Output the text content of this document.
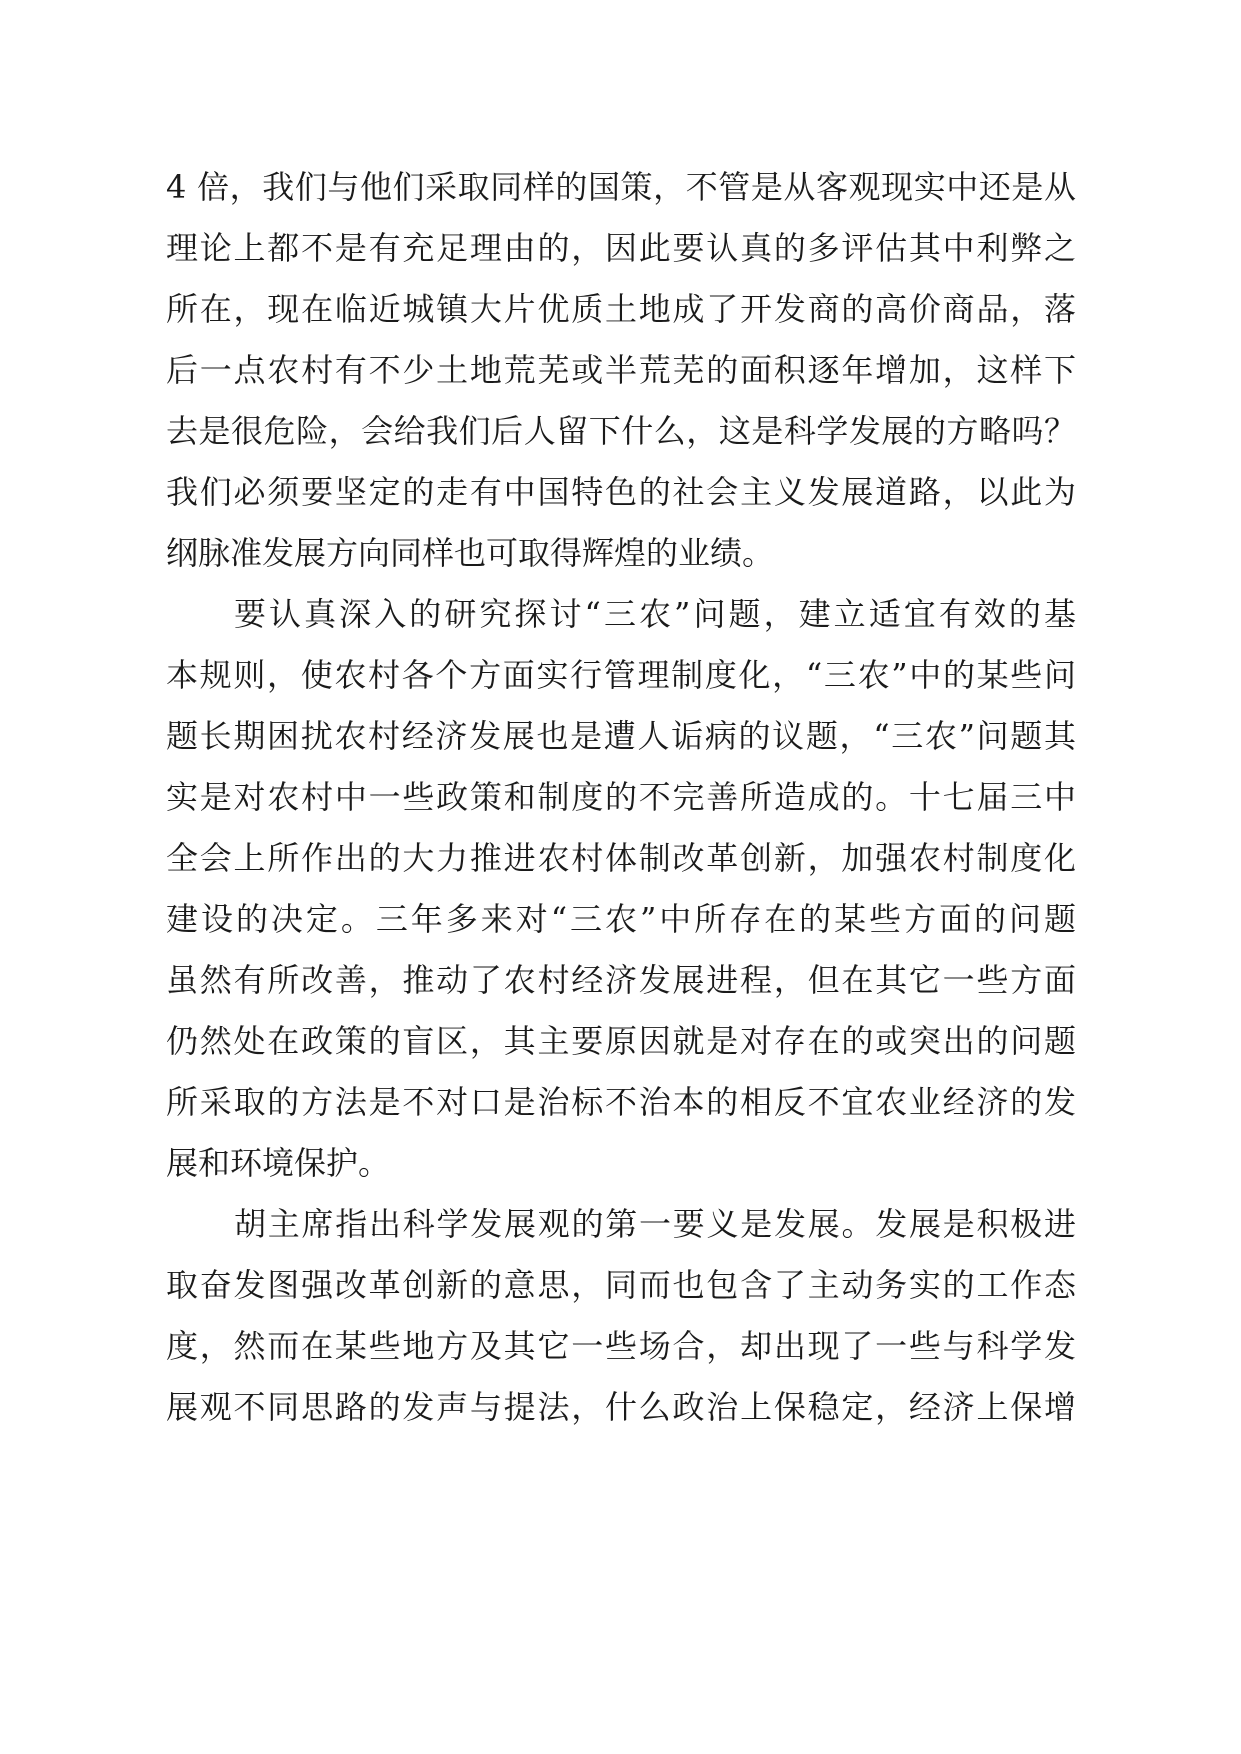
4 倍，我们与他们采取同样的国策，不管是从客观现实中还是从
理论上都不是有充足理由的，因此要认真的多评估其中利弊之
所在，现在临近城镇大片优质土地成了开发商的高价商品，落
后一点农村有不少土地荒芜或半荒芜的面积逐年增加，这样下
去是很危险，会给我们后人留下什么，这是科学发展的方略吗？
我们必须要坚定的走有中国特色的社会主义发展道路，以此为
纲脉准发展方向同样也可取得辉煌的业绩。
要认真深入的研究探讨“三农”问题，建立适宜有效的基
本规则，使农村各个方面实行管理制度化，“三农”中的某些问
题长期困扰农村经济发展也是遭人诟病的议题，“三农”问题其
实是对农村中一些政策和制度的不完善所造成的。十七届三中
全会上所作出的大力推进农村体制改革创新，加强农村制度化
建设的决定。三年多来对“三农”中所存在的某些方面的问题
虽然有所改善，推动了农村经济发展进程，但在其它一些方面
仍然处在政策的盲区，其主要原因就是对存在的或突出的问题
所采取的方法是不对口是治标不治本的相反不宜农业经济的发
展和环境保护。
胡主席指出科学发展观的第一要义是发展。发展是积极进
取奋发图强改革创新的意思，同而也包含了主动务实的工作态
度，然而在某些地方及其它一些场合，却出现了一些与科学发
展观不同思路的发声与提法，什么政治上保稳定，经济上保增
